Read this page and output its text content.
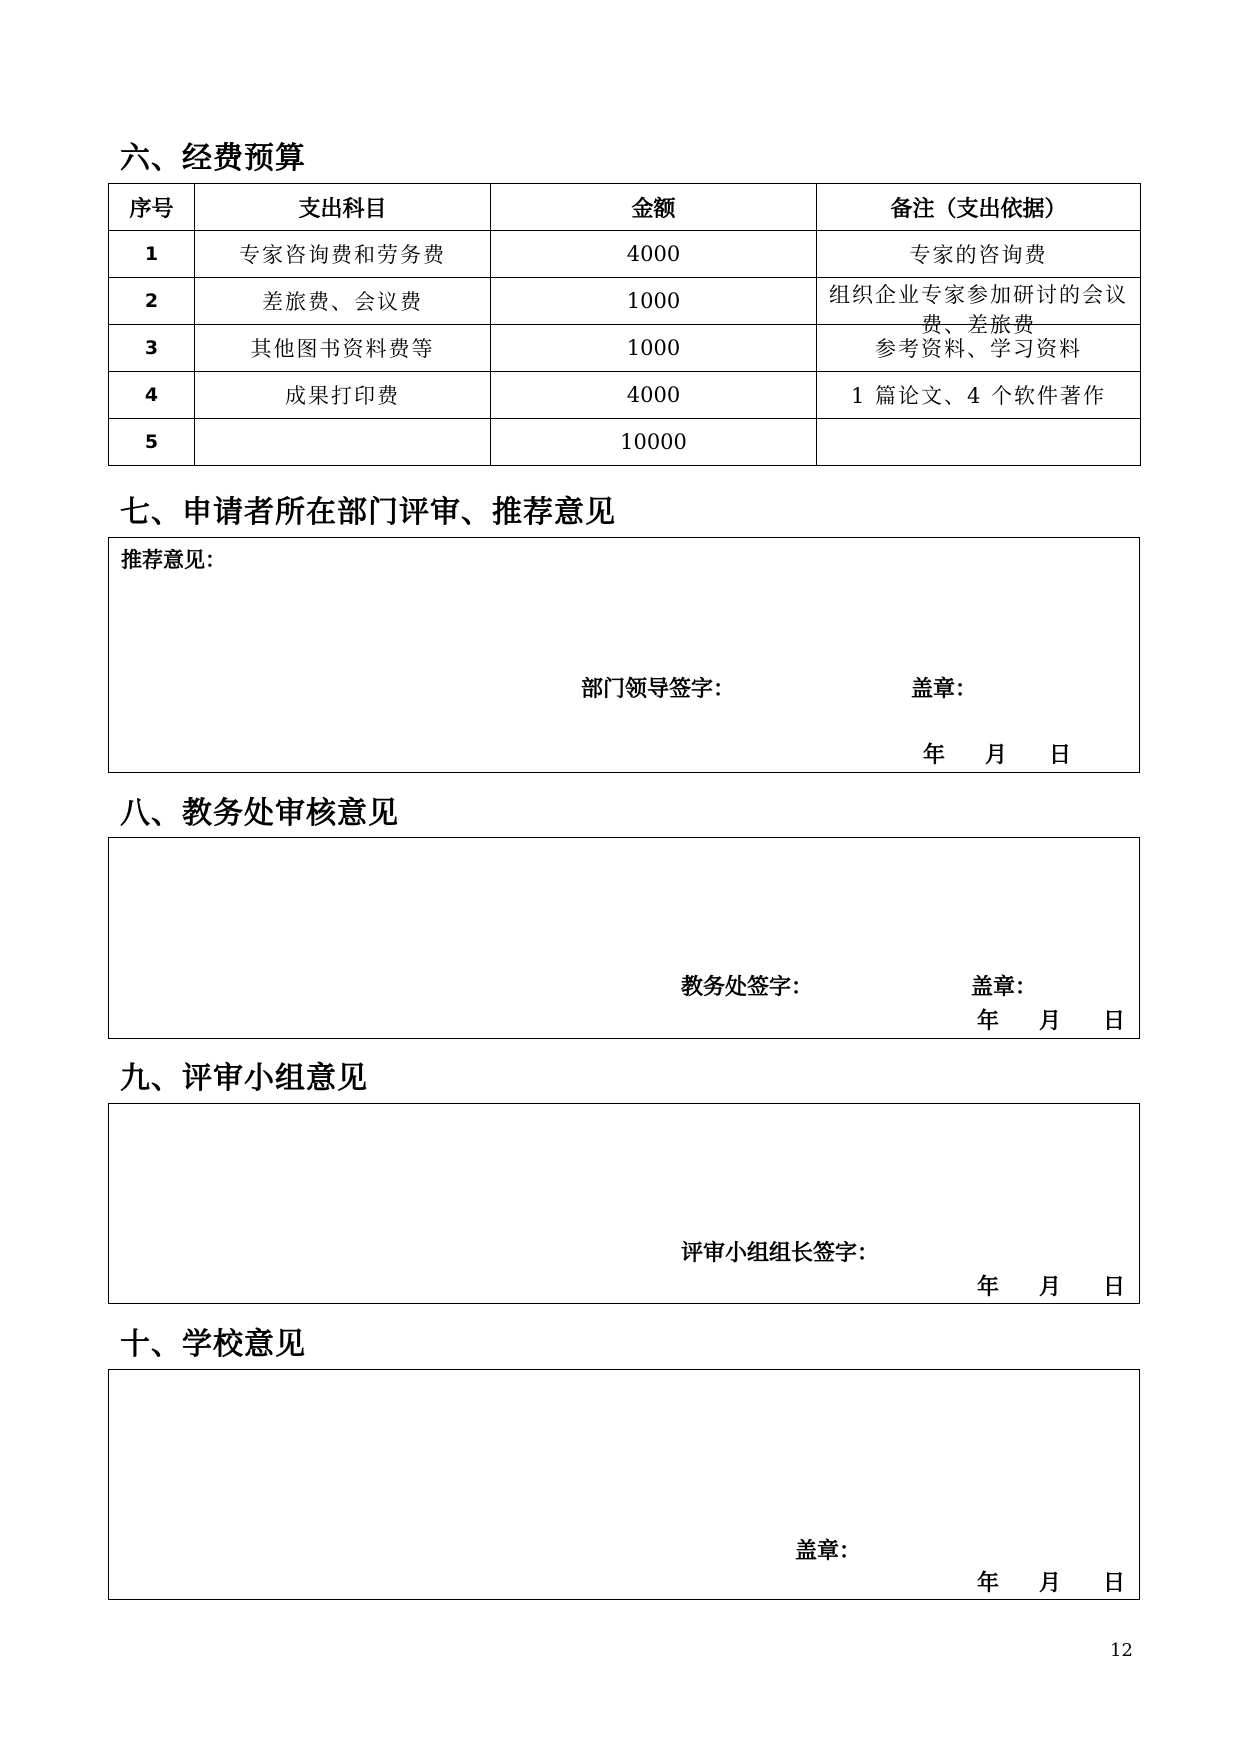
六、经费预算
序号	支出科目	金额	备注（支出依据）
1	专家咨询费和劳务费	4000	专家的咨询费
2	差旅费、会议费	1000	组织企业专家参加研讨的会议费、差旅费

3	其他图书资料费等	1000	参考资料、学习资料
4	成果打印费	4000	1 篇论文、4 个软件著作
5		10000	
七、申请者所在部门评审、推荐意见
推荐意见：
部门领导签字：	盖章：
年 月 日
八、教务处审核意见
教务处签字：	盖章：
年 月 日
九、评审小组意见
评审小组组长签字：
年 月 日
十、学校意见
盖章：
年 月 日
12
